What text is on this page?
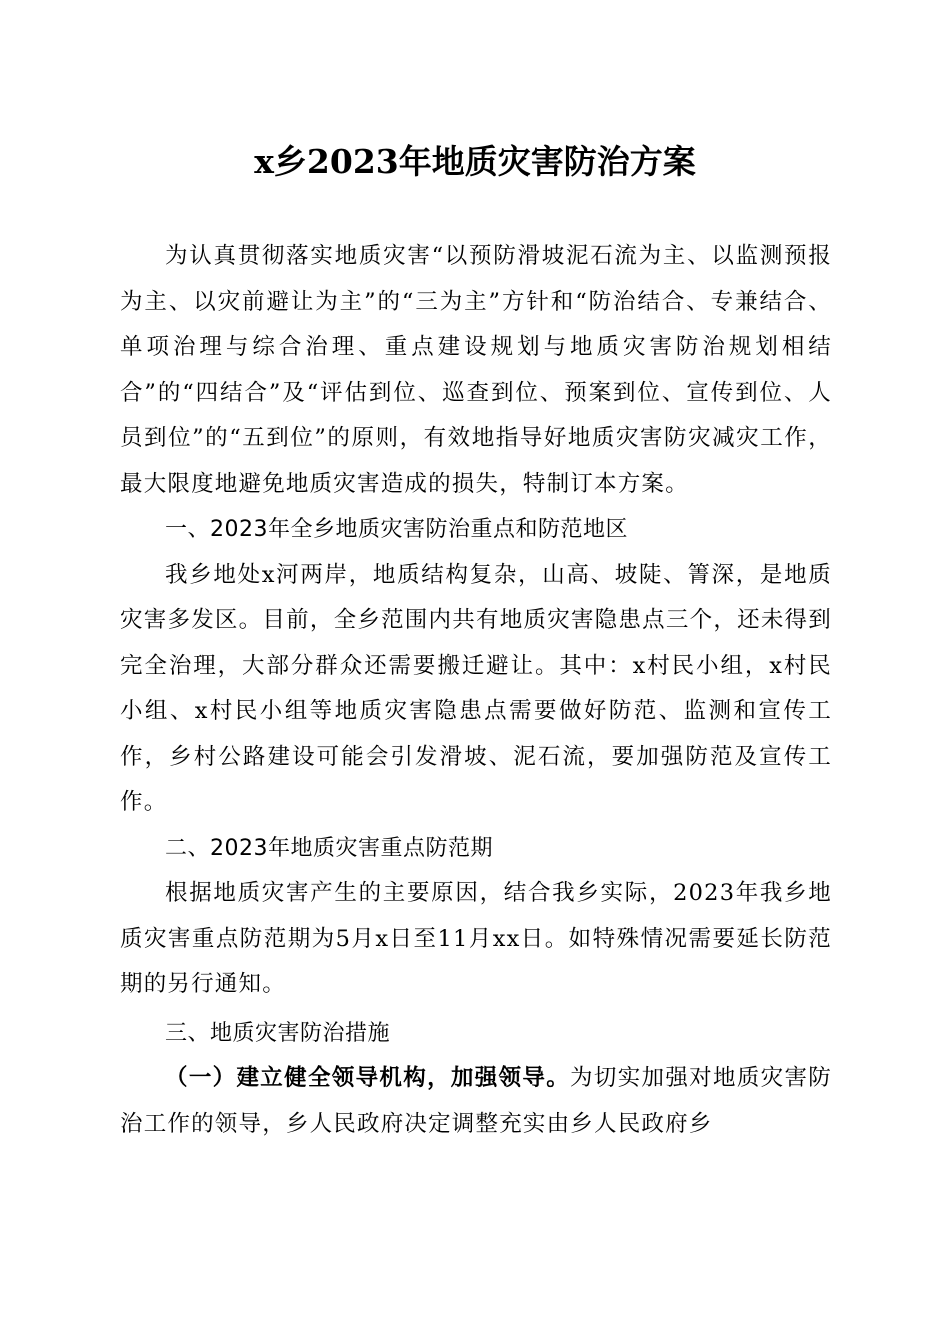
x乡2023年地质灾害防治方案

为认真贯彻落实地质灾害“以预防滑坡泥石流为主、以监测预报为主、以灾前避让为主”的“三为主”方针和“防治结合、专兼结合、单项治理与综合治理、重点建设规划与地质灾害防治规划相结合”的“四结合”及“评估到位、巡查到位、预案到位、宣传到位、人员到位”的“五到位”的原则，有效地指导好地质灾害防灾减灾工作，最大限度地避免地质灾害造成的损失，特制订本方案。

一、2023年全乡地质灾害防治重点和防范地区

我乡地处x河两岸，地质结构复杂，山高、坡陡、箐深，是地质灾害多发区。目前，全乡范围内共有地质灾害隐患点三个，还未得到完全治理，大部分群众还需要搬迁避让。其中：x村民小组，x村民小组、x村民小组等地质灾害隐患点需要做好防范、监测和宣传工作，乡村公路建设可能会引发滑坡、泥石流，要加强防范及宣传工作。

二、2023年地质灾害重点防范期

根据地质灾害产生的主要原因，结合我乡实际，2023年我乡地质灾害重点防范期为5月x日至11月xx日。如特殊情况需要延长防范期的另行通知。

三、地质灾害防治措施

（一）建立健全领导机构，加强领导。为切实加强对地质灾害防治工作的领导，乡人民政府决定调整充实由乡人民政府乡
